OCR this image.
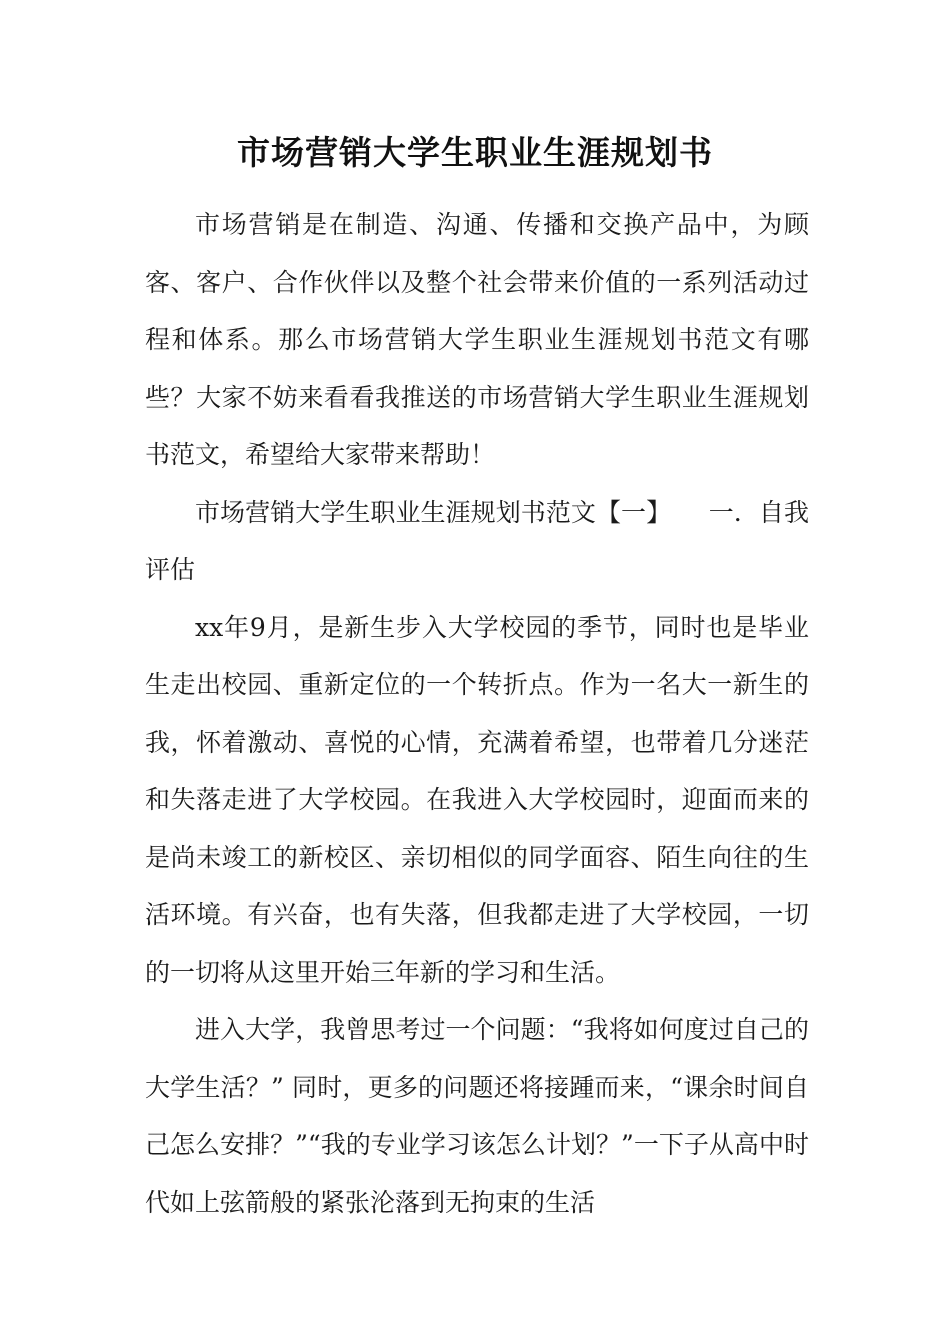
市场营销大学生职业生涯规划书

市场营销是在制造、沟通、传播和交换产品中，为顾客、客户、合作伙伴以及整个社会带来价值的一系列活动过程和体系。那么市场营销大学生职业生涯规划书范文有哪些？大家不妨来看看我推送的市场营销大学生职业生涯规划书范文，希望给大家带来帮助！

市场营销大学生职业生涯规划书范文【一】　　一．自我评估

xx年9月，是新生步入大学校园的季节，同时也是毕业生走出校园、重新定位的一个转折点。作为一名大一新生的我，怀着激动、喜悦的心情，充满着希望，也带着几分迷茫和失落走进了大学校园。在我进入大学校园时，迎面而来的是尚未竣工的新校区、亲切相似的同学面容、陌生向往的生活环境。有兴奋，也有失落，但我都走进了大学校园，一切的一切将从这里开始三年新的学习和生活。

进入大学，我曾思考过一个问题：“我将如何度过自己的大学生活？” 同时，更多的问题还将接踵而来，“课余时间自己怎么安排？”“我的专业学习该怎么计划？”一下子从高中时代如上弦箭般的紧张沦落到无拘束的生活
